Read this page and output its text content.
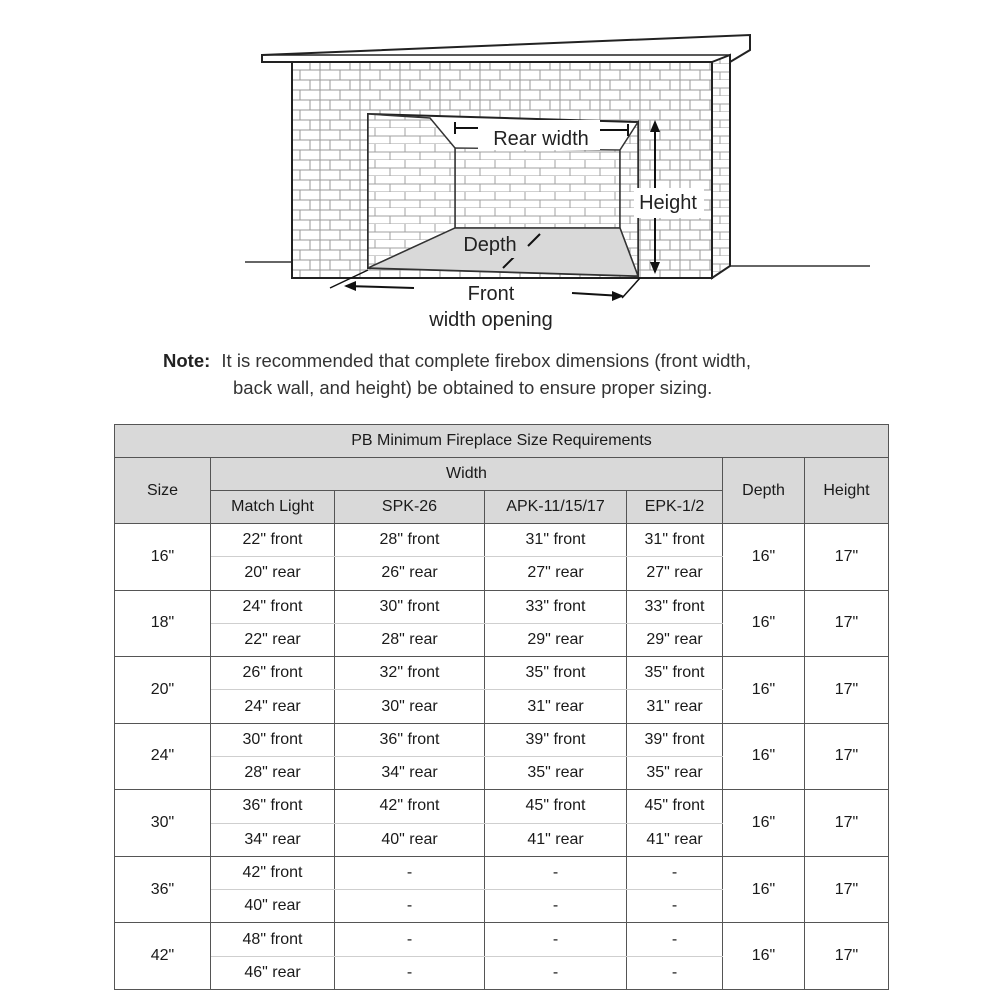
Rear width
Height
Depth
Front
width opening
Note: It is recommended that complete firebox dimensions (front width,
back wall, and height) be obtained to ensure proper sizing.
PB Minimum Fireplace Size Requirements						
Size	Width				Depth	Height
	Match Light	SPK-26	APK-11/15/17	EPK-1/2		
16"	22" front	28" front	31" front	31" front	16"	17"
	20" rear	26" rear	27" rear	27" rear		
18"	24" front	30" front	33" front	33" front	16"	17"
	22" rear	28" rear	29" rear	29" rear		
20"	26" front	32" front	35" front	35" front	16"	17"
	24" rear	30" rear	31" rear	31" rear		
24"	30" front	36" front	39" front	39" front	16"	17"
	28" rear	34" rear	35" rear	35" rear		
30"	36" front	42" front	45" front	45" front	16"	17"
	34" rear	40" rear	41" rear	41" rear		
36"	42" front	-	-	-	16"	17"
	40" rear	-	-	-		
42"	48" front	-	-	-	16"	17"
	46" rear	-	-	-		
